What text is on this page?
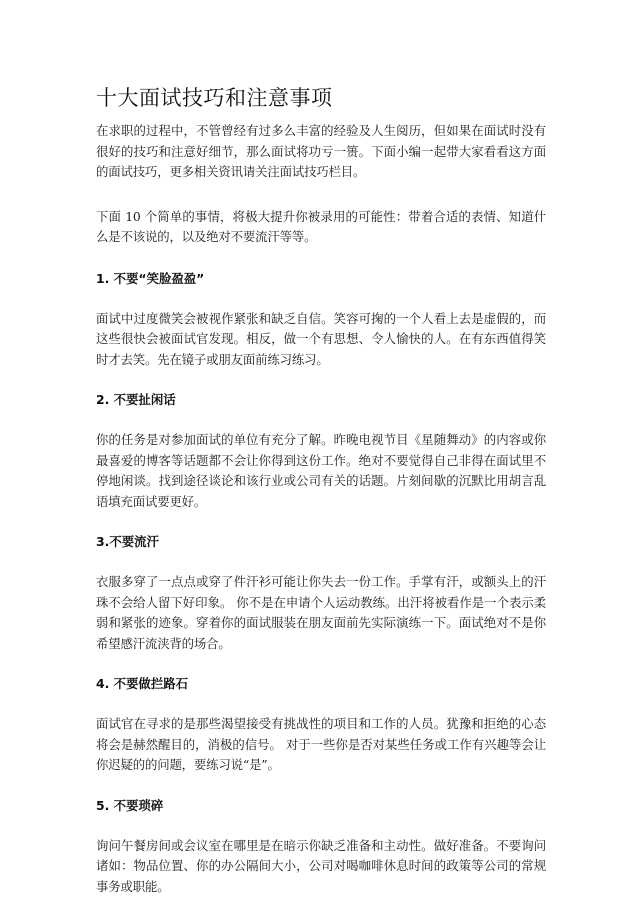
十大面试技巧和注意事项

在求职的过程中，不管曾经有过多么丰富的经验及人生阅历，但如果在面试时没有很好的技巧和注意好细节，那么面试将功亏一篑。下面小编一起带大家看看这方面的面试技巧，更多相关资讯请关注面试技巧栏目。

下面 10 个简单的事情，将极大提升你被录用的可能性：带着合适的表情、知道什么是不该说的，以及绝对不要流汗等等。

1. 不要“笑脸盈盈”

面试中过度微笑会被视作紧张和缺乏自信。笑容可掬的一个人看上去是虚假的，而这些很快会被面试官发现。相反，做一个有思想、令人愉快的人。在有东西值得笑时才去笑。先在镜子或朋友面前练习练习。

2. 不要扯闲话

你的任务是对参加面试的单位有充分了解。昨晚电视节目《星随舞动》的内容或你最喜爱的博客等话题都不会让你得到这份工作。绝对不要觉得自己非得在面试里不停地闲谈。找到途径谈论和该行业或公司有关的话题。片刻间歇的沉默比用胡言乱语填充面试要更好。

3.不要流汗

衣服多穿了一点点或穿了件汗衫可能让你失去一份工作。手掌有汗，或额头上的汗珠不会给人留下好印象。 你不是在申请个人运动教练。出汗将被看作是一个表示柔弱和紧张的迹象。穿着你的面试服装在朋友面前先实际演练一下。面试绝对不是你希望感汗流浃背的场合。

4. 不要做拦路石

面试官在寻求的是那些渴望接受有挑战性的项目和工作的人员。犹豫和拒绝的心态将会是赫然醒目的，消极的信号。 对于一些你是否对某些任务或工作有兴趣等会让你迟疑的的问题，要练习说“是”。

5. 不要琐碎

询问午餐房间或会议室在哪里是在暗示你缺乏准备和主动性。做好准备。不要询问诸如：物品位置、你的办公隔间大小，公司对喝咖啡休息时间的政策等公司的常规事务或职能。
